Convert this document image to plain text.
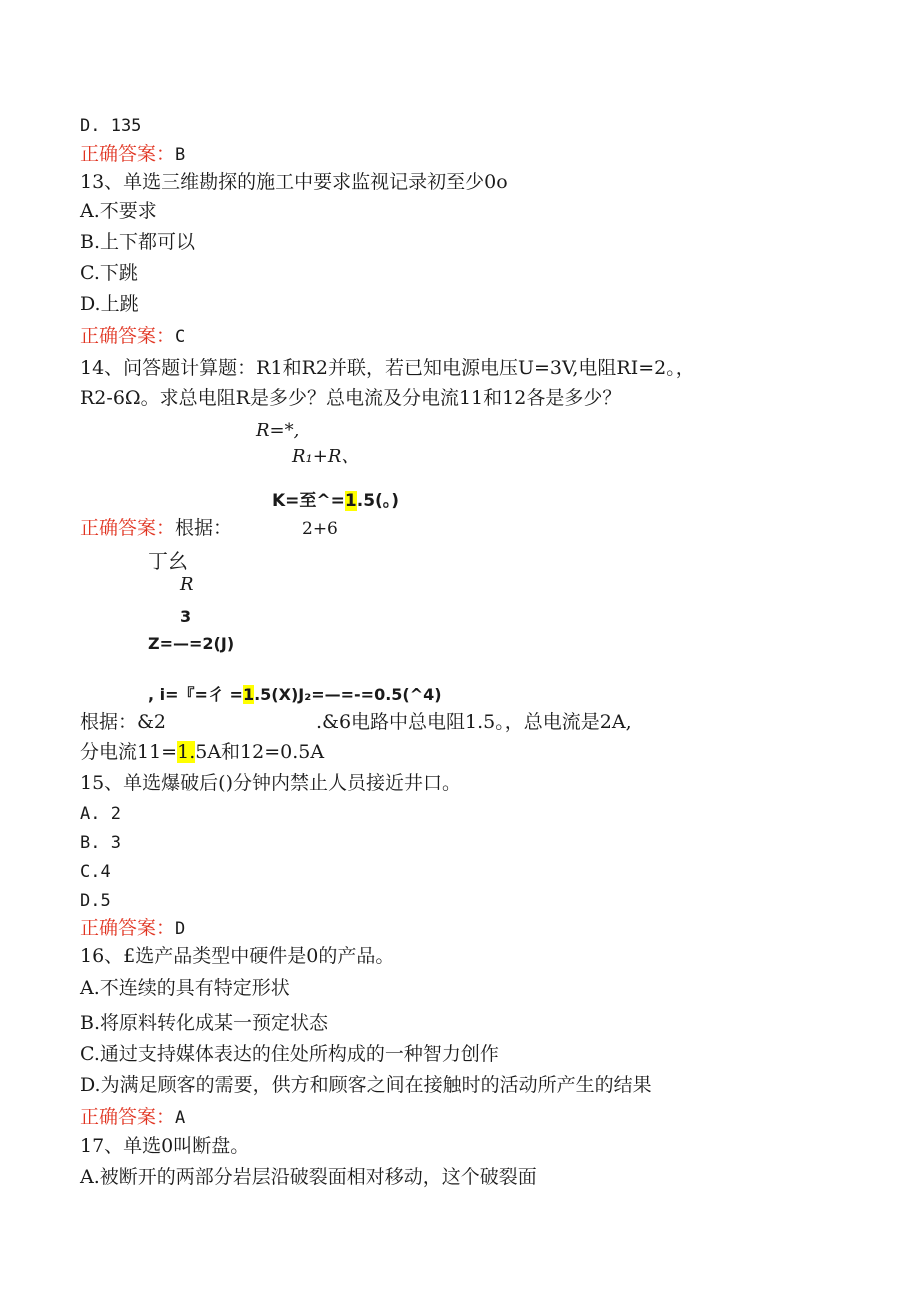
D. 135
正确答案：B
13、单选三维勘探的施工中要求监视记录初至少0o
A.不要求
B.上下都可以
C.下跳
D.上跳
正确答案：C
14、问答题计算题：R1和R2并联，若已知电源电压U=3V,电阻RI=2。，
R2-6Ω。求总电阻R是多少？总电流及分电流11和12各是多少？
R=*,
R₁+R、
K=至^=1.5(。)
正确答案：根据：	2+6
丁幺
R
3
Z=—=2(J)
, i=『=彳 =1.5(X)J₂=—=-=0.5(^4)
根据：&2	.&6电路中总电阻1.5。，总电流是2A,
分电流11=1.5A和12=0.5A
15、单选爆破后()分钟内禁止人员接近井口。
A. 2
B. 3
C.4
D.5
正确答案：D
16、£选产品类型中硬件是0的产品。
A.不连续的具有特定形状
B.将原料转化成某一预定状态
C.通过支持媒体表达的住处所构成的一种智力创作
D.为满足顾客的需要，供方和顾客之间在接触时的活动所产生的结果
正确答案：A
17、单选0叫断盘。
A.被断开的两部分岩层沿破裂面相对移动，这个破裂面
